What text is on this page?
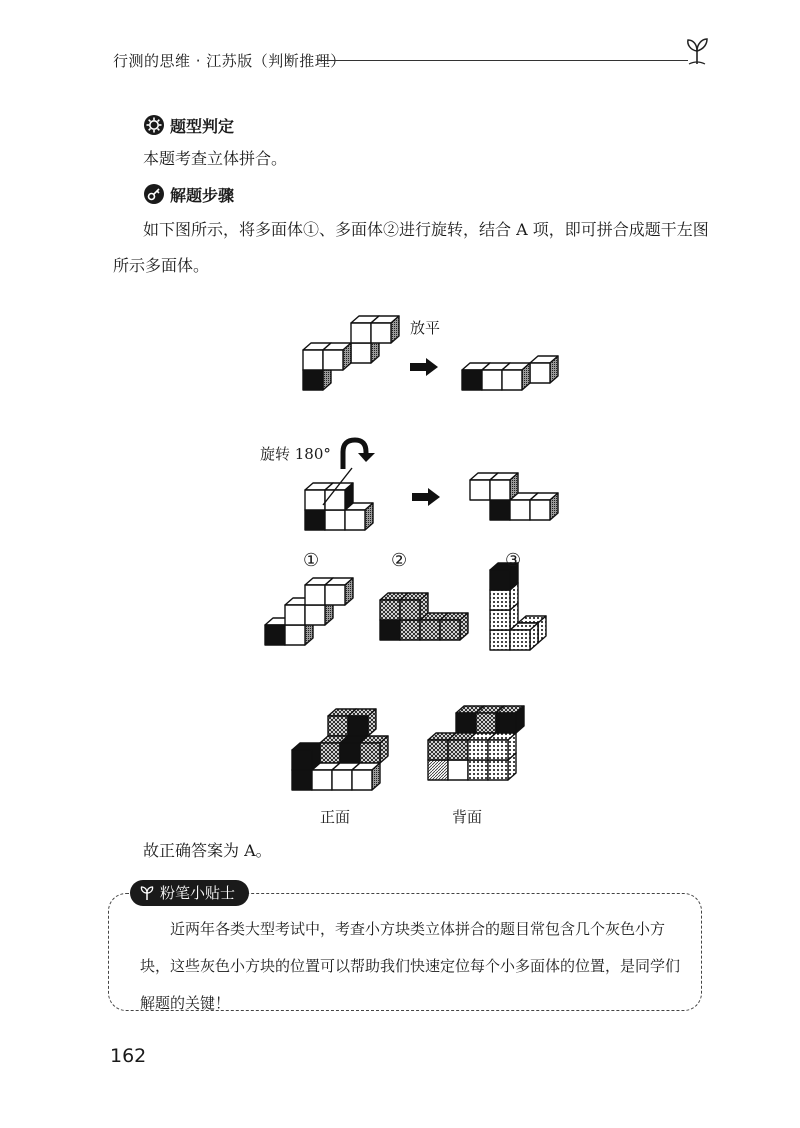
行测的思维 · 江苏版（判断推理）
题型判定
本题考查立体拼合。
解题步骤
如下图所示，将多面体①、多面体②进行旋转，结合 A 项，即可拼合成题干左图所示多面体。
放平
旋转 180°
①	②	③
正面	背面
故正确答案为 A。
粉笔小贴士
近两年各类大型考试中，考查小方块类立体拼合的题目常包含几个灰色小方块，这些灰色小方块的位置可以帮助我们快速定位每个小多面体的位置，是同学们解题的关键！
162
